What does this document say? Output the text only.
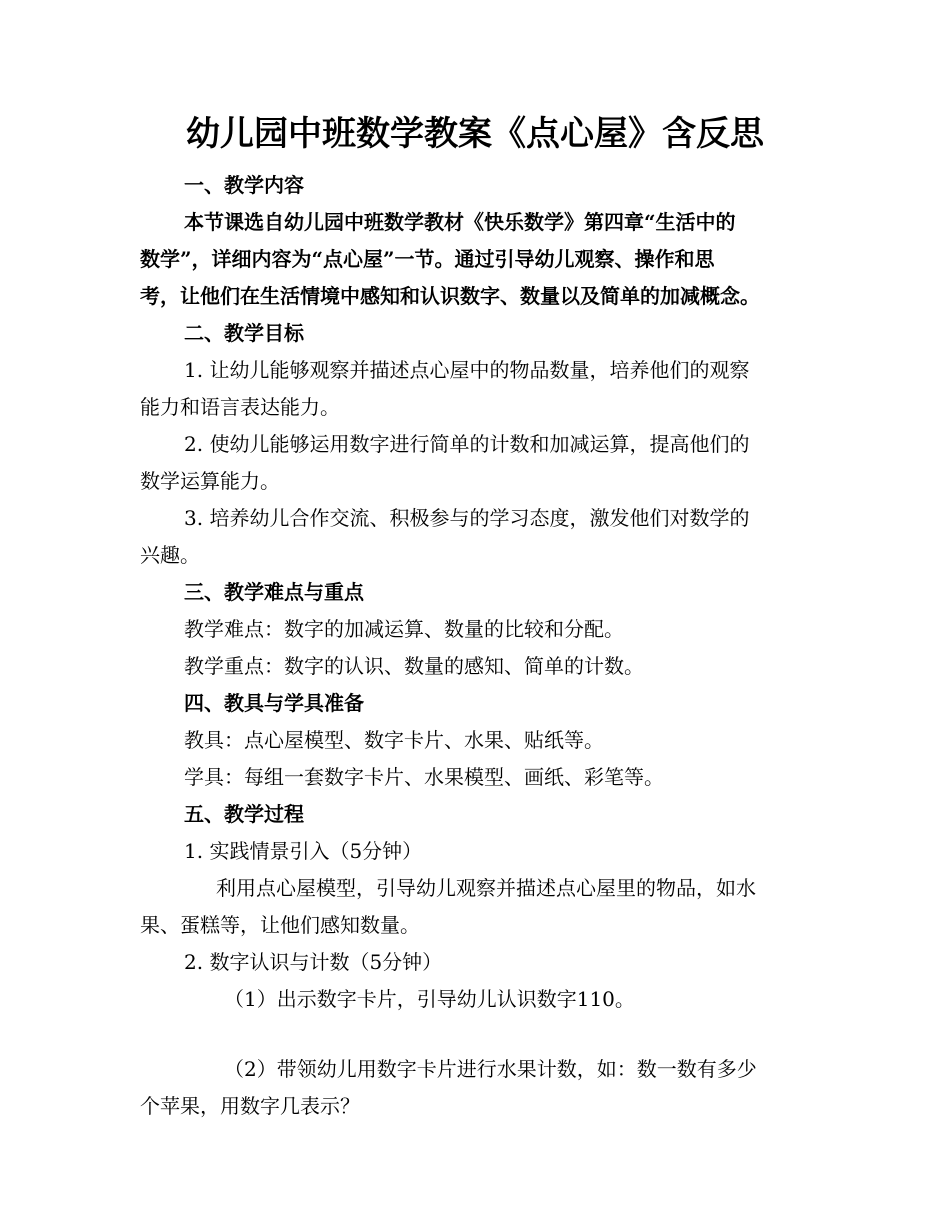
幼儿园中班数学教案《点心屋》含反思
一、教学内容
本节课选自幼儿园中班数学教材《快乐数学》第四章“生活中的
数学”，详细内容为“点心屋”一节。通过引导幼儿观察、操作和思
考，让他们在生活情境中感知和认识数字、数量以及简单的加减概念。
二、教学目标
1. 让幼儿能够观察并描述点心屋中的物品数量，培养他们的观察
能力和语言表达能力。
2. 使幼儿能够运用数字进行简单的计数和加减运算，提高他们的
数学运算能力。
3. 培养幼儿合作交流、积极参与的学习态度，激发他们对数学的
兴趣。
三、教学难点与重点
教学难点：数字的加减运算、数量的比较和分配。
教学重点：数字的认识、数量的感知、简单的计数。
四、教具与学具准备
教具：点心屋模型、数字卡片、水果、贴纸等。
学具：每组一套数字卡片、水果模型、画纸、彩笔等。
五、教学过程
1. 实践情景引入（5分钟）
利用点心屋模型，引导幼儿观察并描述点心屋里的物品，如水
果、蛋糕等，让他们感知数量。
2. 数字认识与计数（5分钟）
（1）出示数字卡片，引导幼儿认识数字110。
（2）带领幼儿用数字卡片进行水果计数，如：数一数有多少
个苹果，用数字几表示？
